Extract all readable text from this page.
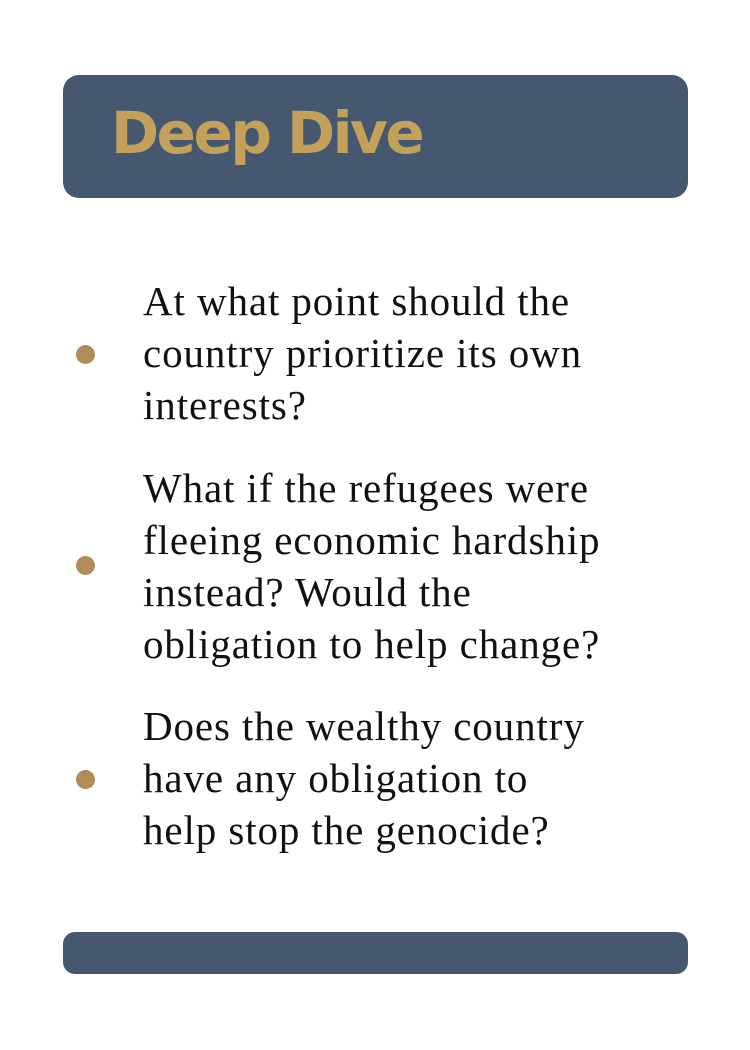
Deep Dive

At what point should the
country prioritize its own
interests?

What if the refugees were
fleeing economic hardship
instead? Would the
obligation to help change?

Does the wealthy country
have any obligation to
help stop the genocide?
